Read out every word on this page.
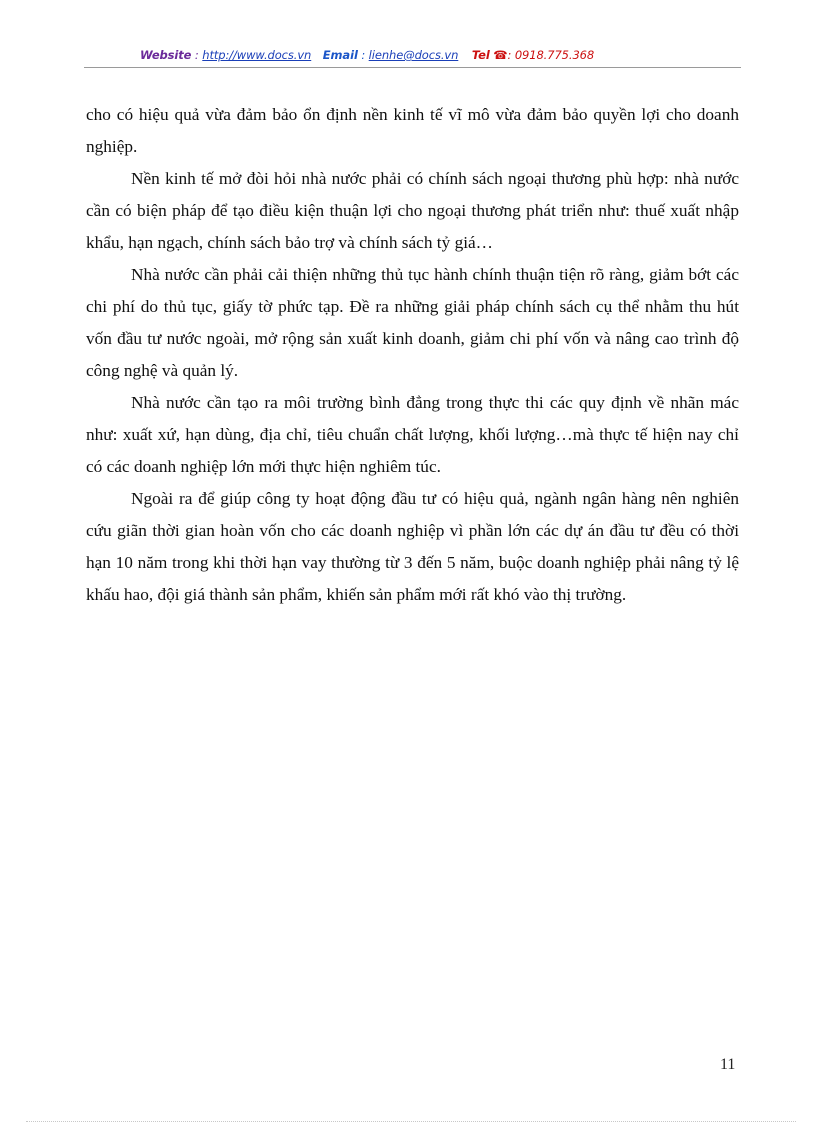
Website : http://www.docs.vn Email : lienhe@docs.vn Tel ☎: 0918.775.368

cho có hiệu quả vừa đảm bảo ổn định nền kinh tế vĩ mô vừa đảm bảo quyền lợi cho doanh nghiệp.

Nền kinh tế mở đòi hỏi nhà nước phải có chính sách ngoại thương phù hợp: nhà nước cần có biện pháp để tạo điều kiện thuận lợi cho ngoại thương phát triển như: thuế xuất nhập khẩu, hạn ngạch, chính sách bảo trợ và chính sách tỷ giá…

Nhà nước cần phải cải thiện những thủ tục hành chính thuận tiện rõ ràng, giảm bớt các chi phí do thủ tục, giấy tờ phức tạp. Đề ra những giải pháp chính sách cụ thể nhằm thu hút vốn đầu tư nước ngoài, mở rộng sản xuất kinh doanh, giảm chi phí vốn và nâng cao trình độ công nghệ và quản lý.

Nhà nước cần tạo ra môi trường bình đẳng trong thực thi các quy định về nhãn mác như: xuất xứ, hạn dùng, địa chỉ, tiêu chuẩn chất lượng, khối lượng…mà thực tế hiện nay chỉ có các doanh nghiệp lớn mới thực hiện nghiêm túc.

Ngoài ra để giúp công ty hoạt động đầu tư có hiệu quả, ngành ngân hàng nên nghiên cứu giãn thời gian hoàn vốn cho các doanh nghiệp vì phần lớn các dự án đầu tư đều có thời hạn 10 năm trong khi thời hạn vay thường từ 3 đến 5 năm, buộc doanh nghiệp phải nâng tỷ lệ khấu hao, đội giá thành sản phẩm, khiến sản phẩm mới rất khó vào thị trường.

11
